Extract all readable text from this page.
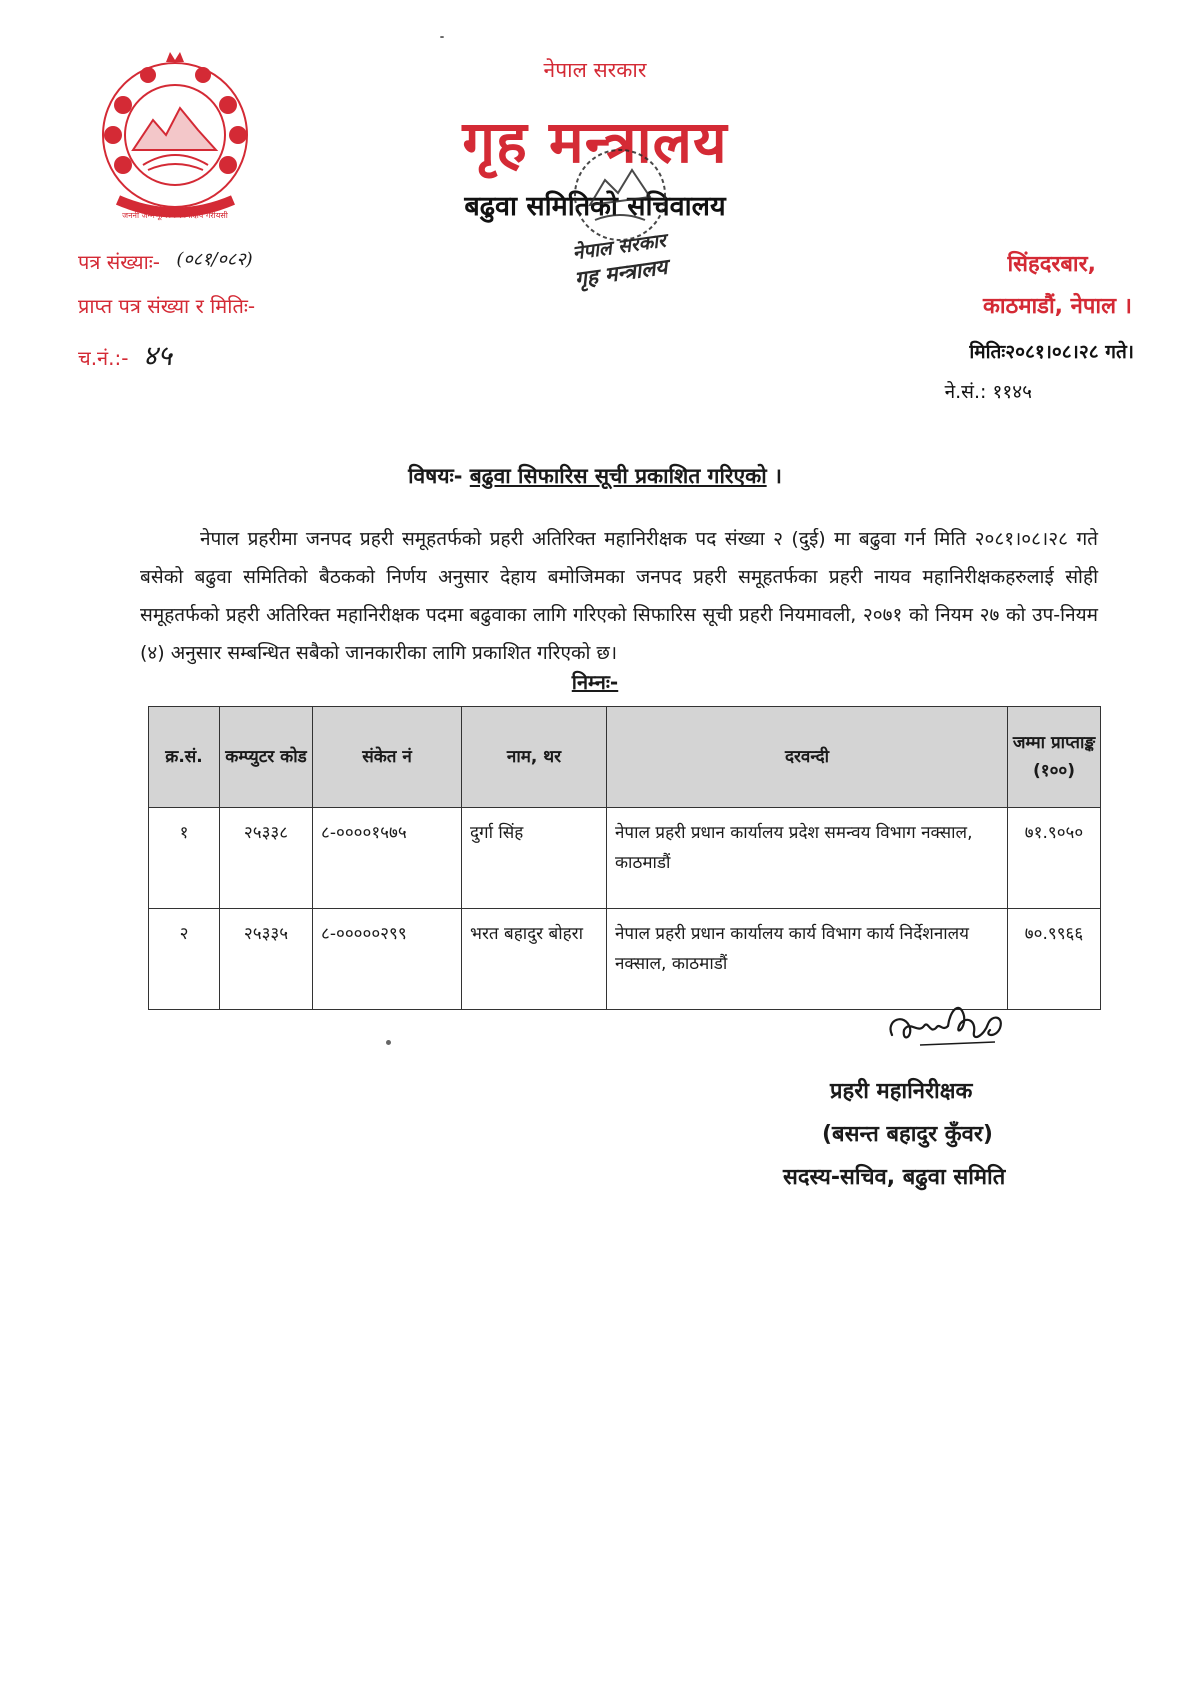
जननी जन्मभूमिश्च स्वर्गादपि गरीयसी
नेपाल सरकार
गृह मन्त्रालय
बढुवा समितिको सचिवालय
नेपाल सरकार
गृह मन्त्रालय
पत्र संख्याः- (०८१/०८२)
प्राप्त पत्र संख्या र मितिः-
च.नं.:- ४५
सिंहदरबार,
काठमाडौं, नेपाल ।
मितिः२०८१।०८।२८ गते।
ने.सं.: ११४५
विषयः- बढुवा सिफारिस सूची प्रकाशित गरिएको ।
नेपाल प्रहरीमा जनपद प्रहरी समूहतर्फको प्रहरी अतिरिक्त महानिरीक्षक पद संख्या २ (दुई) मा बढुवा गर्न मिति २०८१।०८।२८ गते बसेको बढुवा समितिको बैठकको निर्णय अनुसार देहाय बमोजिमका जनपद प्रहरी समूहतर्फका प्रहरी नायव महानिरीक्षकहरुलाई सोही समूहतर्फको प्रहरी अतिरिक्त महानिरीक्षक पदमा बढुवाका लागि गरिएको सिफारिस सूची प्रहरी नियमावली, २०७१ को नियम २७ को उप-नियम (४) अनुसार सम्बन्धित सबैको जानकारीका लागि प्रकाशित गरिएको छ।
निम्नः-
क्र.सं.	कम्प्युटर कोड	संकेत नं	नाम, थर	दरवन्दी	जम्मा प्राप्ताङ्क (१००)
१	२५३३८	८-००००१५७५	दुर्गा सिंह	नेपाल प्रहरी प्रधान कार्यालय प्रदेश समन्वय विभाग नक्साल, काठमाडौं	७१.९०५०
२	२५३३५	८-०००००२९९	भरत बहादुर बोहरा	नेपाल प्रहरी प्रधान कार्यालय कार्य विभाग कार्य निर्देशनालय नक्साल, काठमाडौं	७०.९९६६
प्रहरी महानिरीक्षक
(बसन्त बहादुर कुँवर)
सदस्य-सचिव, बढुवा समिति
